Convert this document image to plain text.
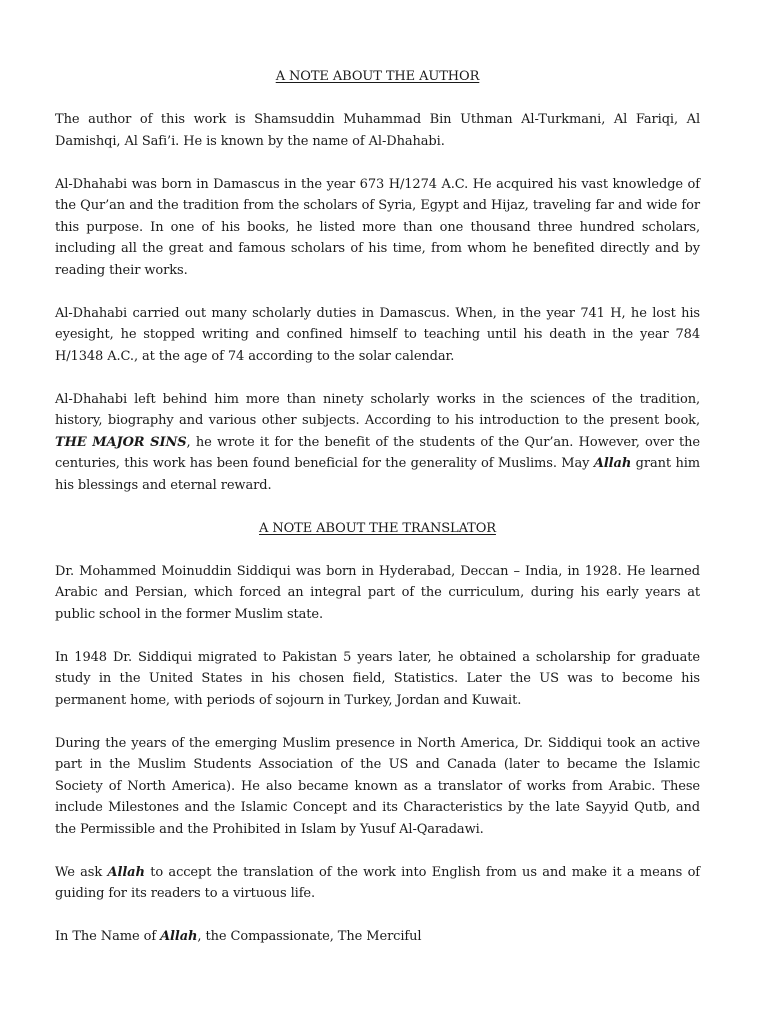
A NOTE ABOUT THE AUTHOR

The author of this work is Shamsuddin Muhammad Bin Uthman Al-Turkmani, Al Fariqi, Al Damishqi, Al Safi’i. He is known by the name of Al-Dhahabi.

Al-Dhahabi was born in Damascus in the year 673 H/1274 A.C. He acquired his vast knowledge of the Qur’an and the tradition from the scholars of Syria, Egypt and Hijaz, traveling far and wide for this purpose. In one of his books, he listed more than one thousand three hundred scholars, including all the great and famous scholars of his time, from whom he benefited directly and by reading their works.

Al-Dhahabi carried out many scholarly duties in Damascus. When, in the year 741 H, he lost his eyesight, he stopped writing and confined himself to teaching until his death in the year 784 H/1348 A.C., at the age of 74 according to the solar calendar.

Al-Dhahabi left behind him more than ninety scholarly works in the sciences of the tradition, history, biography and various other subjects. According to his introduction to the present book, THE MAJOR SINS, he wrote it for the benefit of the students of the Qur’an. However, over the centuries, this work has been found beneficial for the generality of Muslims. May Allah grant him his blessings and eternal reward.

A NOTE ABOUT THE TRANSLATOR

Dr. Mohammed Moinuddin Siddiqui was born in Hyderabad, Deccan – India, in 1928. He learned Arabic and Persian, which forced an integral part of the curriculum, during his early years at public school in the former Muslim state.

In 1948 Dr. Siddiqui migrated to Pakistan 5 years later, he obtained a scholarship for graduate study in the United States in his chosen field, Statistics. Later the US was to become his permanent home, with periods of sojourn in Turkey, Jordan and Kuwait.

During the years of the emerging Muslim presence in North America, Dr. Siddiqui took an active part in the Muslim Students Association of the US and Canada (later to became the Islamic Society of North America). He also became known as a translator of works from Arabic. These include Milestones and the Islamic Concept and its Characteristics by the late Sayyid Qutb, and the Permissible and the Prohibited in Islam by Yusuf Al-Qaradawi.

We ask Allah to accept the translation of the work into English from us and make it a means of guiding for its readers to a virtuous life.

In The Name of Allah, the Compassionate, The Merciful
